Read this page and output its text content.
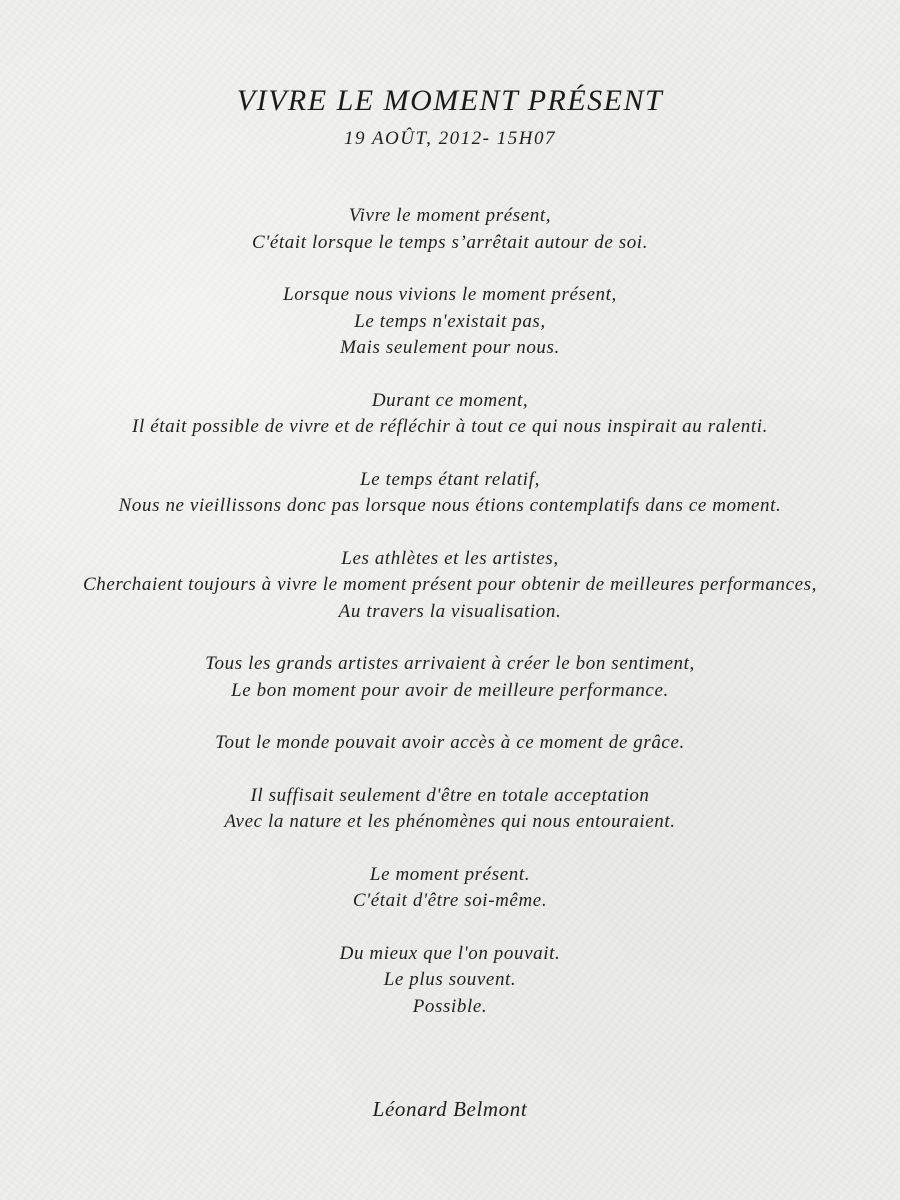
VIVRE LE MOMENT PRÉSENT
19 AOÛT, 2012- 15H07
Vivre le moment présent,
C'était lorsque le temps s’arrêtait autour de soi.
Lorsque nous vivions le moment présent,
Le temps n'existait pas,
Mais seulement pour nous.
Durant ce moment,
Il était possible de vivre et de réfléchir à tout ce qui nous inspirait au ralenti.
Le temps étant relatif,
Nous ne vieillissons donc pas lorsque nous étions contemplatifs dans ce moment.
Les athlètes et les artistes,
Cherchaient toujours à vivre le moment présent pour obtenir de meilleures performances,
Au travers la visualisation.
Tous les grands artistes arrivaient à créer le bon sentiment,
Le bon moment pour avoir de meilleure performance.
Tout le monde pouvait avoir accès à ce moment de grâce.
Il suffisait seulement d'être en totale acceptation
Avec la nature et les phénomènes qui nous entouraient.
Le moment présent.
C'était d'être soi-même.
Du mieux que l'on pouvait.
Le plus souvent.
Possible.
Léonard Belmont
